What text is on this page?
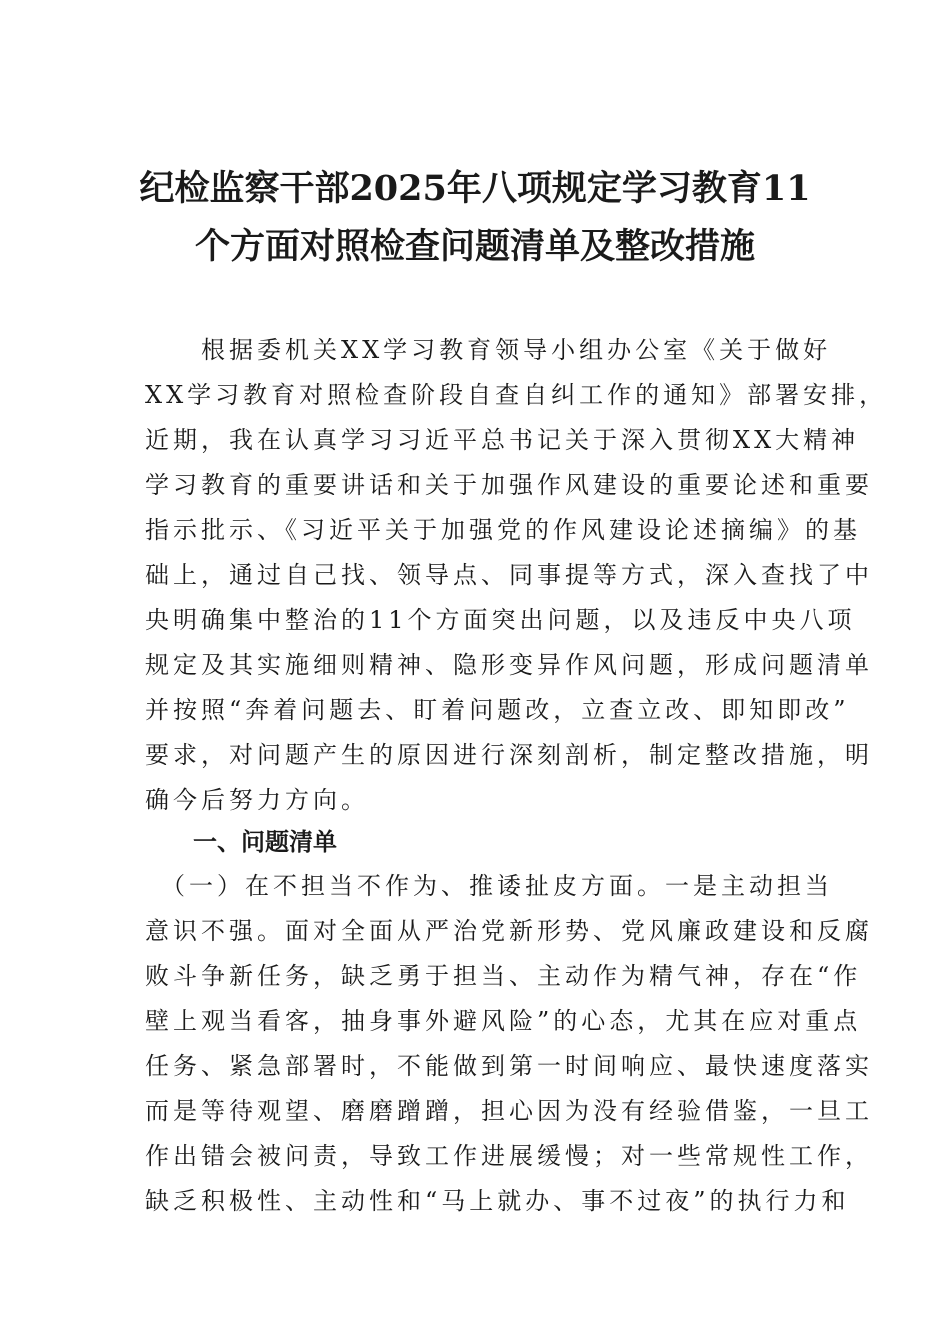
纪检监察干部2025年八项规定学习教育11
个方面对照检查问题清单及整改措施
　　根据委机关XX学习教育领导小组办公室《关于做好
XX学习教育对照检查阶段自查自纠工作的通知》部署安排，
近期，我在认真学习习近平总书记关于深入贯彻XX大精神
学习教育的重要讲话和关于加强作风建设的重要论述和重要
指示批示、《习近平关于加强党的作风建设论述摘编》的基
础上，通过自己找、领导点、同事提等方式，深入查找了中
央明确集中整治的11个方面突出问题，以及违反中央八项
规定及其实施细则精神、隐形变异作风问题，形成问题清单
并按照“奔着问题去、盯着问题改，立查立改、即知即改”
要求，对问题产生的原因进行深刻剖析，制定整改措施，明
确今后努力方向。
一、问题清单
　（一）在不担当不作为、推诿扯皮方面。一是主动担当
意识不强。面对全面从严治党新形势、党风廉政建设和反腐
败斗争新任务，缺乏勇于担当、主动作为精气神，存在“作
壁上观当看客，抽身事外避风险”的心态，尤其在应对重点
任务、紧急部署时，不能做到第一时间响应、最快速度落实
而是等待观望、磨磨蹭蹭，担心因为没有经验借鉴，一旦工
作出错会被问责，导致工作进展缓慢；对一些常规性工作，
缺乏积极性、主动性和“马上就办、事不过夜”的执行力和
